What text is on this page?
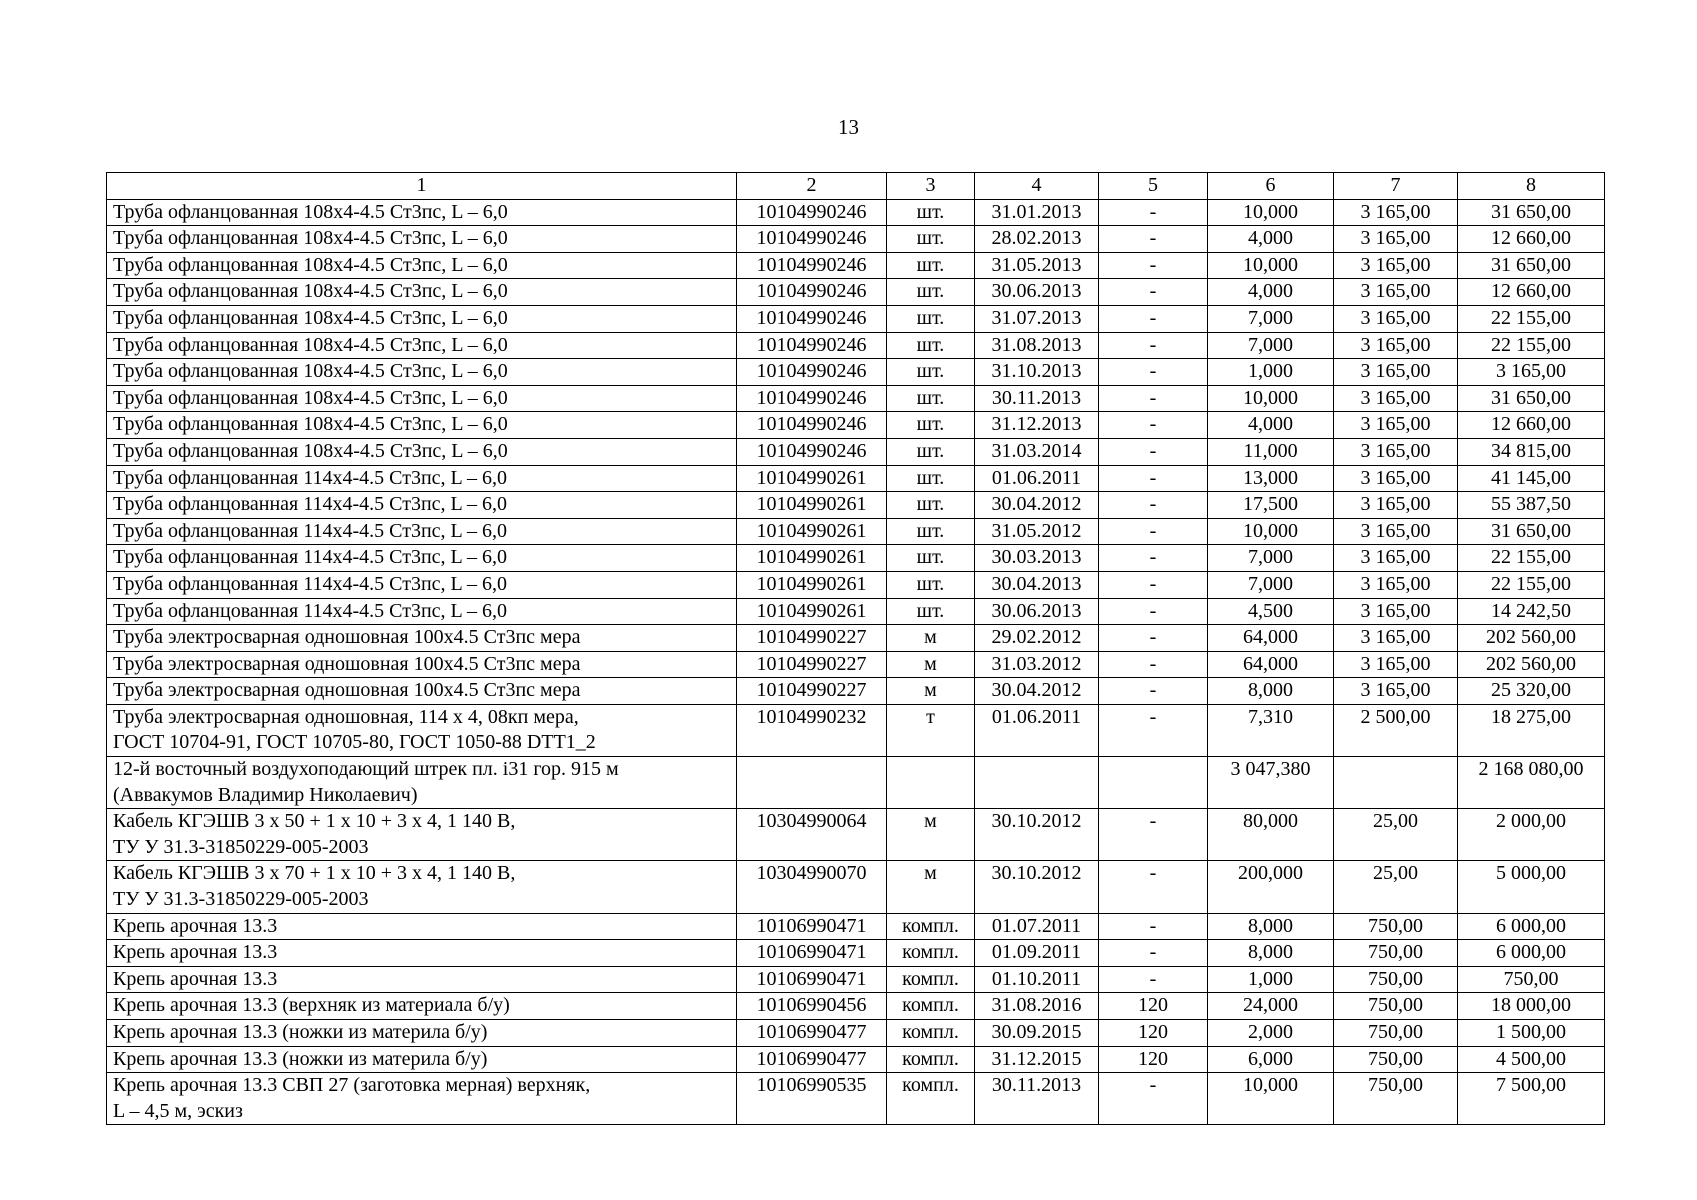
13
1	2	3	4	5	6	7	8
Труба офланцованная 108х4-4.5 Ст3пс, L – 6,0	10104990246	шт.	31.01.2013	-	10,000	3 165,00	31 650,00
Труба офланцованная 108х4-4.5 Ст3пс, L – 6,0	10104990246	шт.	28.02.2013	-	4,000	3 165,00	12 660,00
Труба офланцованная 108х4-4.5 Ст3пс, L – 6,0	10104990246	шт.	31.05.2013	-	10,000	3 165,00	31 650,00
Труба офланцованная 108х4-4.5 Ст3пс, L – 6,0	10104990246	шт.	30.06.2013	-	4,000	3 165,00	12 660,00
Труба офланцованная 108х4-4.5 Ст3пс, L – 6,0	10104990246	шт.	31.07.2013	-	7,000	3 165,00	22 155,00
Труба офланцованная 108х4-4.5 Ст3пс, L – 6,0	10104990246	шт.	31.08.2013	-	7,000	3 165,00	22 155,00
Труба офланцованная 108х4-4.5 Ст3пс, L – 6,0	10104990246	шт.	31.10.2013	-	1,000	3 165,00	3 165,00
Труба офланцованная 108х4-4.5 Ст3пс, L – 6,0	10104990246	шт.	30.11.2013	-	10,000	3 165,00	31 650,00
Труба офланцованная 108х4-4.5 Ст3пс, L – 6,0	10104990246	шт.	31.12.2013	-	4,000	3 165,00	12 660,00
Труба офланцованная 108х4-4.5 Ст3пс, L – 6,0	10104990246	шт.	31.03.2014	-	11,000	3 165,00	34 815,00
Труба офланцованная 114х4-4.5 Ст3пс, L – 6,0	10104990261	шт.	01.06.2011	-	13,000	3 165,00	41 145,00
Труба офланцованная 114х4-4.5 Ст3пс, L – 6,0	10104990261	шт.	30.04.2012	-	17,500	3 165,00	55 387,50
Труба офланцованная 114х4-4.5 Ст3пс, L – 6,0	10104990261	шт.	31.05.2012	-	10,000	3 165,00	31 650,00
Труба офланцованная 114х4-4.5 Ст3пс, L – 6,0	10104990261	шт.	30.03.2013	-	7,000	3 165,00	22 155,00
Труба офланцованная 114х4-4.5 Ст3пс, L – 6,0	10104990261	шт.	30.04.2013	-	7,000	3 165,00	22 155,00
Труба офланцованная 114х4-4.5 Ст3пс, L – 6,0	10104990261	шт.	30.06.2013	-	4,500	3 165,00	14 242,50
Труба электросварная одношовная 100х4.5 Ст3пс мера	10104990227	м	29.02.2012	-	64,000	3 165,00	202 560,00
Труба электросварная одношовная 100х4.5 Ст3пс мера	10104990227	м	31.03.2012	-	64,000	3 165,00	202 560,00
Труба электросварная одношовная 100х4.5 Ст3пс мера	10104990227	м	30.04.2012	-	8,000	3 165,00	25 320,00
Труба электросварная одношовная, 114 х 4, 08кп мера,
ГОСТ 10704-91, ГОСТ 10705-80, ГОСТ 1050-88 DTT1_2	10104990232	т	01.06.2011	-	7,310	2 500,00	18 275,00
12-й восточный воздухоподающий штрек пл. i31 гор. 915 м
(Аввакумов Владимир Николаевич)					3 047,380		2 168 080,00
Кабель КГЭШВ 3 х 50 + 1 х 10 + 3 х 4, 1 140 В,
ТУ У 31.3-31850229-005-2003	10304990064	м	30.10.2012	-	80,000	25,00	2 000,00
Кабель КГЭШВ 3 х 70 + 1 х 10 + 3 х 4, 1 140 В,
ТУ У 31.3-31850229-005-2003	10304990070	м	30.10.2012	-	200,000	25,00	5 000,00
Крепь арочная 13.3	10106990471	компл.	01.07.2011	-	8,000	750,00	6 000,00
Крепь арочная 13.3	10106990471	компл.	01.09.2011	-	8,000	750,00	6 000,00
Крепь арочная 13.3	10106990471	компл.	01.10.2011	-	1,000	750,00	750,00
Крепь арочная 13.3 (верхняк из материала б/у)	10106990456	компл.	31.08.2016	120	24,000	750,00	18 000,00
Крепь арочная 13.3 (ножки из материла б/у)	10106990477	компл.	30.09.2015	120	2,000	750,00	1 500,00
Крепь арочная 13.3 (ножки из материла б/у)	10106990477	компл.	31.12.2015	120	6,000	750,00	4 500,00
Крепь арочная 13.3 СВП 27 (заготовка мерная) верхняк,
L – 4,5 м, эскиз	10106990535	компл.	30.11.2013	-	10,000	750,00	7 500,00
